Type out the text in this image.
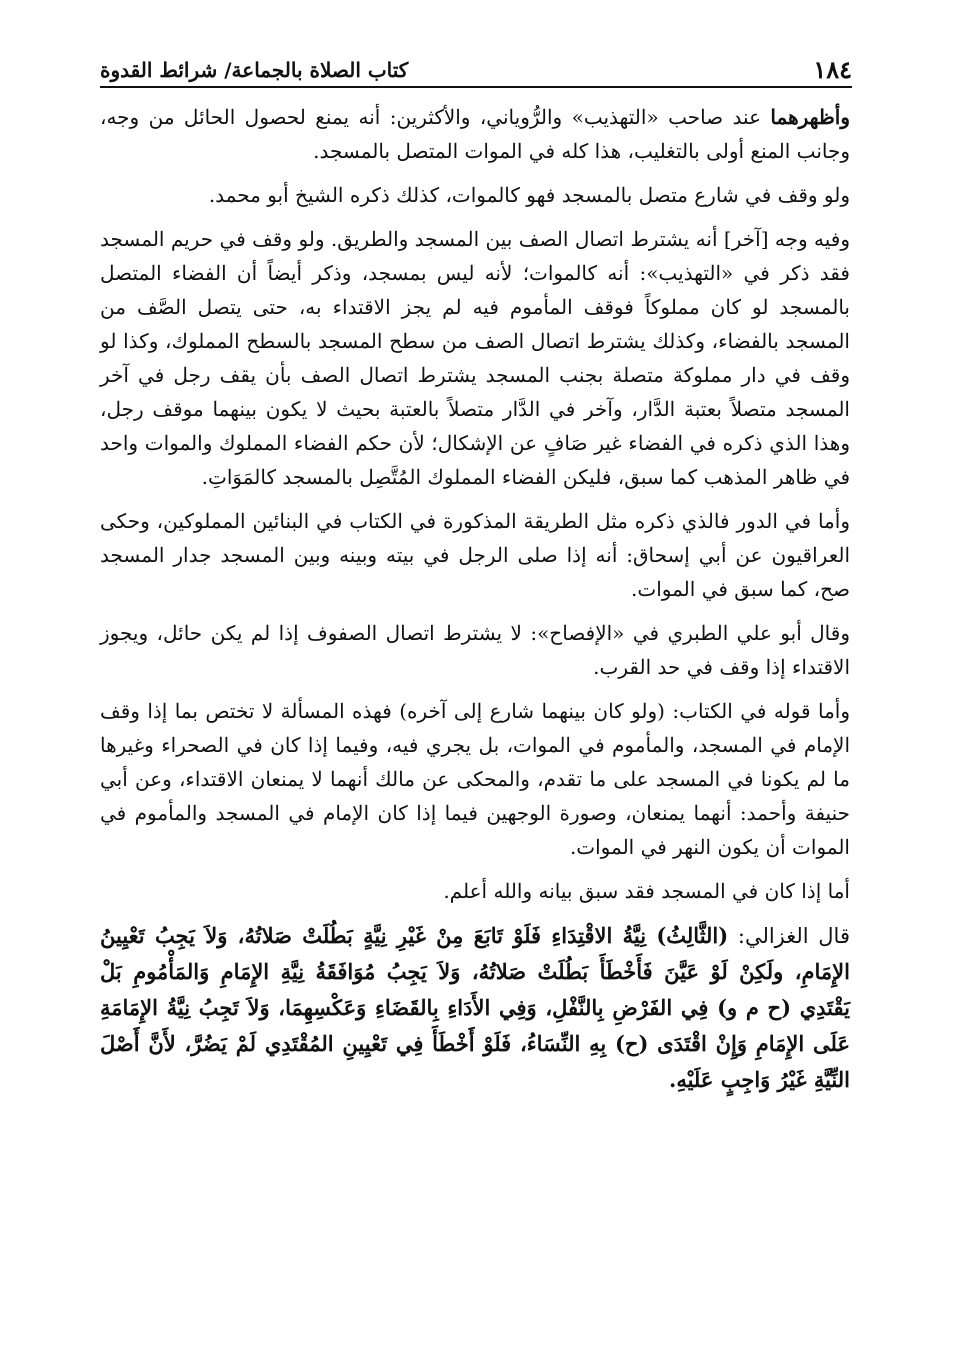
١٨٤
كتاب الصلاة بالجماعة/ شرائط القدوة

وأظهرهما عند صاحب «التهذيب» والرُّوياني، والأكثرين: أنه يمنع لحصول الحائل من وجه، وجانب المنع أولى بالتغليب، هذا كله في الموات المتصل بالمسجد.

ولو وقف في شارع متصل بالمسجد فهو كالموات، كذلك ذكره الشيخ أبو محمد.

وفيه وجه [آخر] أنه يشترط اتصال الصف بين المسجد والطريق. ولو وقف في حريم المسجد فقد ذكر في «التهذيب»: أنه كالموات؛ لأنه ليس بمسجد، وذكر أيضاً أن الفضاء المتصل بالمسجد لو كان مملوكاً فوقف المأموم فيه لم يجز الاقتداء به، حتى يتصل الصَّف من المسجد بالفضاء، وكذلك يشترط اتصال الصف من سطح المسجد بالسطح المملوك، وكذا لو وقف في دار مملوكة متصلة بجنب المسجد يشترط اتصال الصف بأن يقف رجل في آخر المسجد متصلاً بعتبة الدَّار، وآخر في الدَّار متصلاً بالعتبة بحيث لا يكون بينهما موقف رجل، وهذا الذي ذكره في الفضاء غير صَافٍ عن الإشكال؛ لأن حكم الفضاء المملوك والموات واحد في ظاهر المذهب كما سبق، فليكن الفضاء المملوك المُتَّصِل بالمسجد كالمَوَاتِ.

وأما في الدور فالذي ذكره مثل الطريقة المذكورة في الكتاب في البنائين المملوكين، وحكى العراقيون عن أبي إسحاق: أنه إذا صلى الرجل في بيته وبينه وبين المسجد جدار المسجد صح، كما سبق في الموات.

وقال أبو علي الطبري في «الإفصاح»: لا يشترط اتصال الصفوف إذا لم يكن حائل، ويجوز الاقتداء إذا وقف في حد القرب.

وأما قوله في الكتاب: (ولو كان بينهما شارع إلى آخره) فهذه المسألة لا تختص بما إذا وقف الإمام في المسجد، والمأموم في الموات، بل يجري فيه، وفيما إذا كان في الصحراء وغيرها ما لم يكونا في المسجد على ما تقدم، والمحكى عن مالك أنهما لا يمنعان الاقتداء، وعن أبي حنيفة وأحمد: أنهما يمنعان، وصورة الوجهين فيما إذا كان الإمام في المسجد والمأموم في الموات أن يكون النهر في الموات.

أما إذا كان في المسجد فقد سبق بيانه والله أعلم.

قال الغزالي: (الثَّالِثُ) نِيَّةُ الاقْتِدَاءِ فَلَوْ تَابَعَ مِنْ غَيْرِ نِيَّةٍ بَطُلَتْ صَلاتُهُ، وَلاَ يَجِبُ تَعْيِينُ الإِمَامِ، ولَكِنْ لَوْ عَيَّنَ فَأَخْطَأَ بَطُلَتْ صَلاتُهُ، وَلاَ يَجِبُ مُوَافَقَةُ نِيَّةِ الإِمَامِ وَالمَأْمُومِ بَلْ يَقْتَدِي (ح م و) فِي الفَرْضِ بِالنَّفْلِ، وَفِي الأَدَاءِ بِالقَضَاءِ وَعَكْسِهِمَا، وَلاَ تَجِبُ نِيَّةُ الإِمَامَةِ عَلَى الإِمَامِ وَإِنْ اقْتَدَى (ح) بِهِ النِّسَاءُ، فَلَوْ أَخْطَأَ فِي تَعْيِينِ المُقْتَدِي لَمْ يَضُرَّ، لأَنَّ أَصْلَ النِّيَّةِ غَيْرُ وَاجِبٍ عَلَيْهِ.
